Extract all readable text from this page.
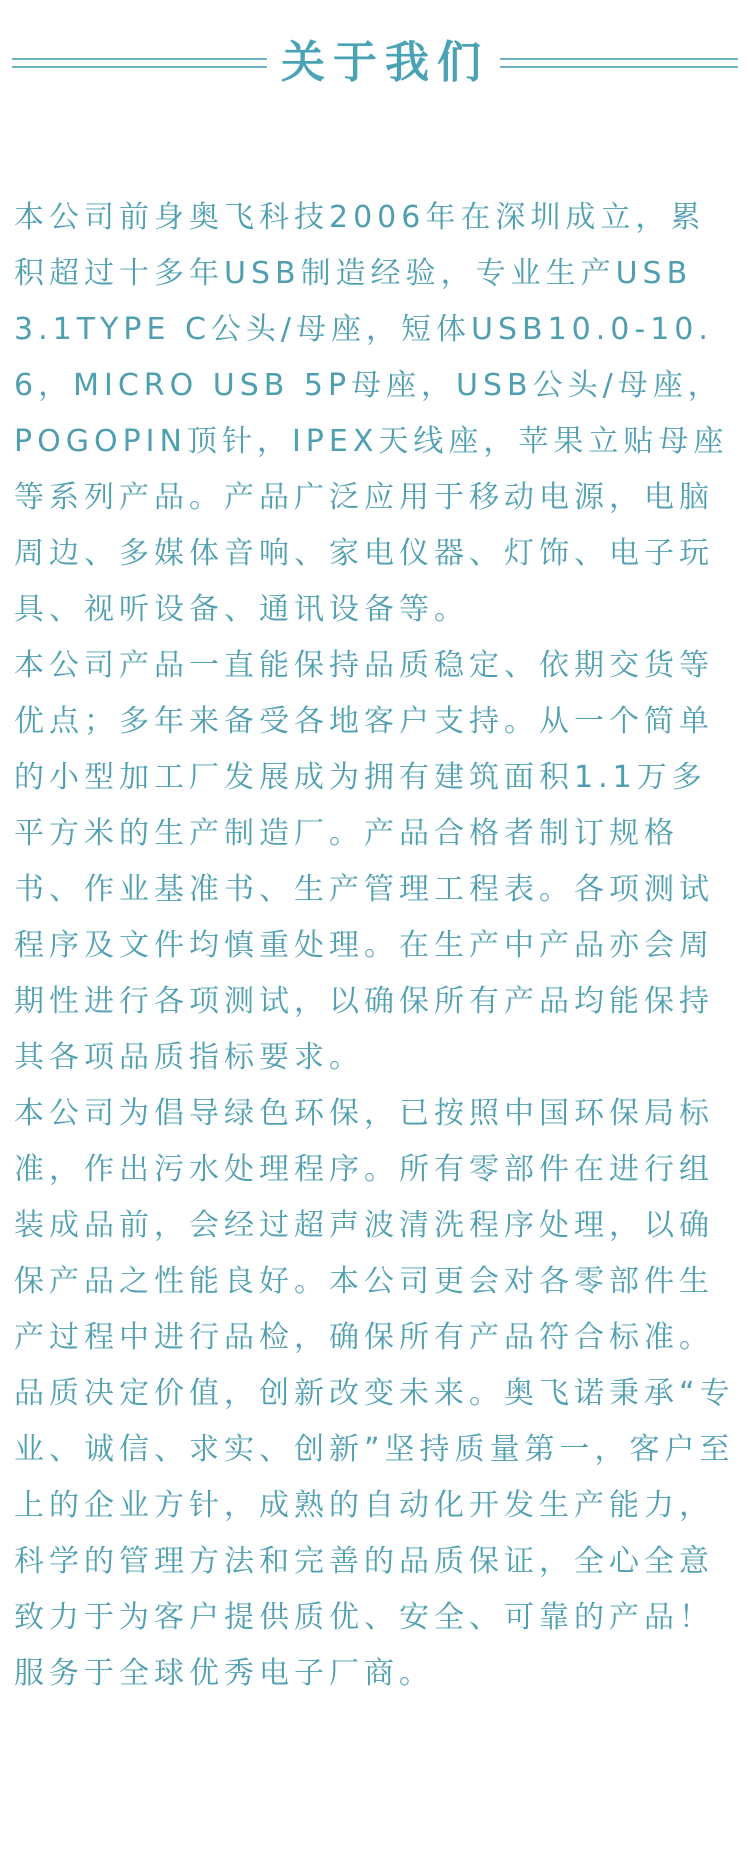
关于我们

本公司前身奥飞科技2006年在深圳成立，累积超过十多年USB制造经验，专业生产USB 3.1TYPE C公头/母座，短体USB10.0-10.6，MICRO USB 5P母座，USB公头/母座，POGOPIN顶针，IPEX天线座，苹果立贴母座等系列产品。产品广泛应用于移动电源，电脑周边、多媒体音响、家电仪器、灯饰、电子玩具、视听设备、通讯设备等。

本公司产品一直能保持品质稳定、依期交货等优点；多年来备受各地客户支持。从一个简单的小型加工厂发展成为拥有建筑面积1.1万多平方米的生产制造厂。产品合格者制订规格书、作业基准书、生产管理工程表。各项测试程序及文件均慎重处理。在生产中产品亦会周期性进行各项测试，以确保所有产品均能保持其各项品质指标要求。

本公司为倡导绿色环保，已按照中国环保局标准，作出污水处理程序。所有零部件在进行组装成品前，会经过超声波清洗程序处理，以确保产品之性能良好。本公司更会对各零部件生产过程中进行品检，确保所有产品符合标准。品质决定价值，创新改变未来。奥飞诺秉承“专业、诚信、求实、创新”坚持质量第一，客户至上的企业方针，成熟的自动化开发生产能力，科学的管理方法和完善的品质保证，全心全意致力于为客户提供质优、安全、可靠的产品！服务于全球优秀电子厂商。
